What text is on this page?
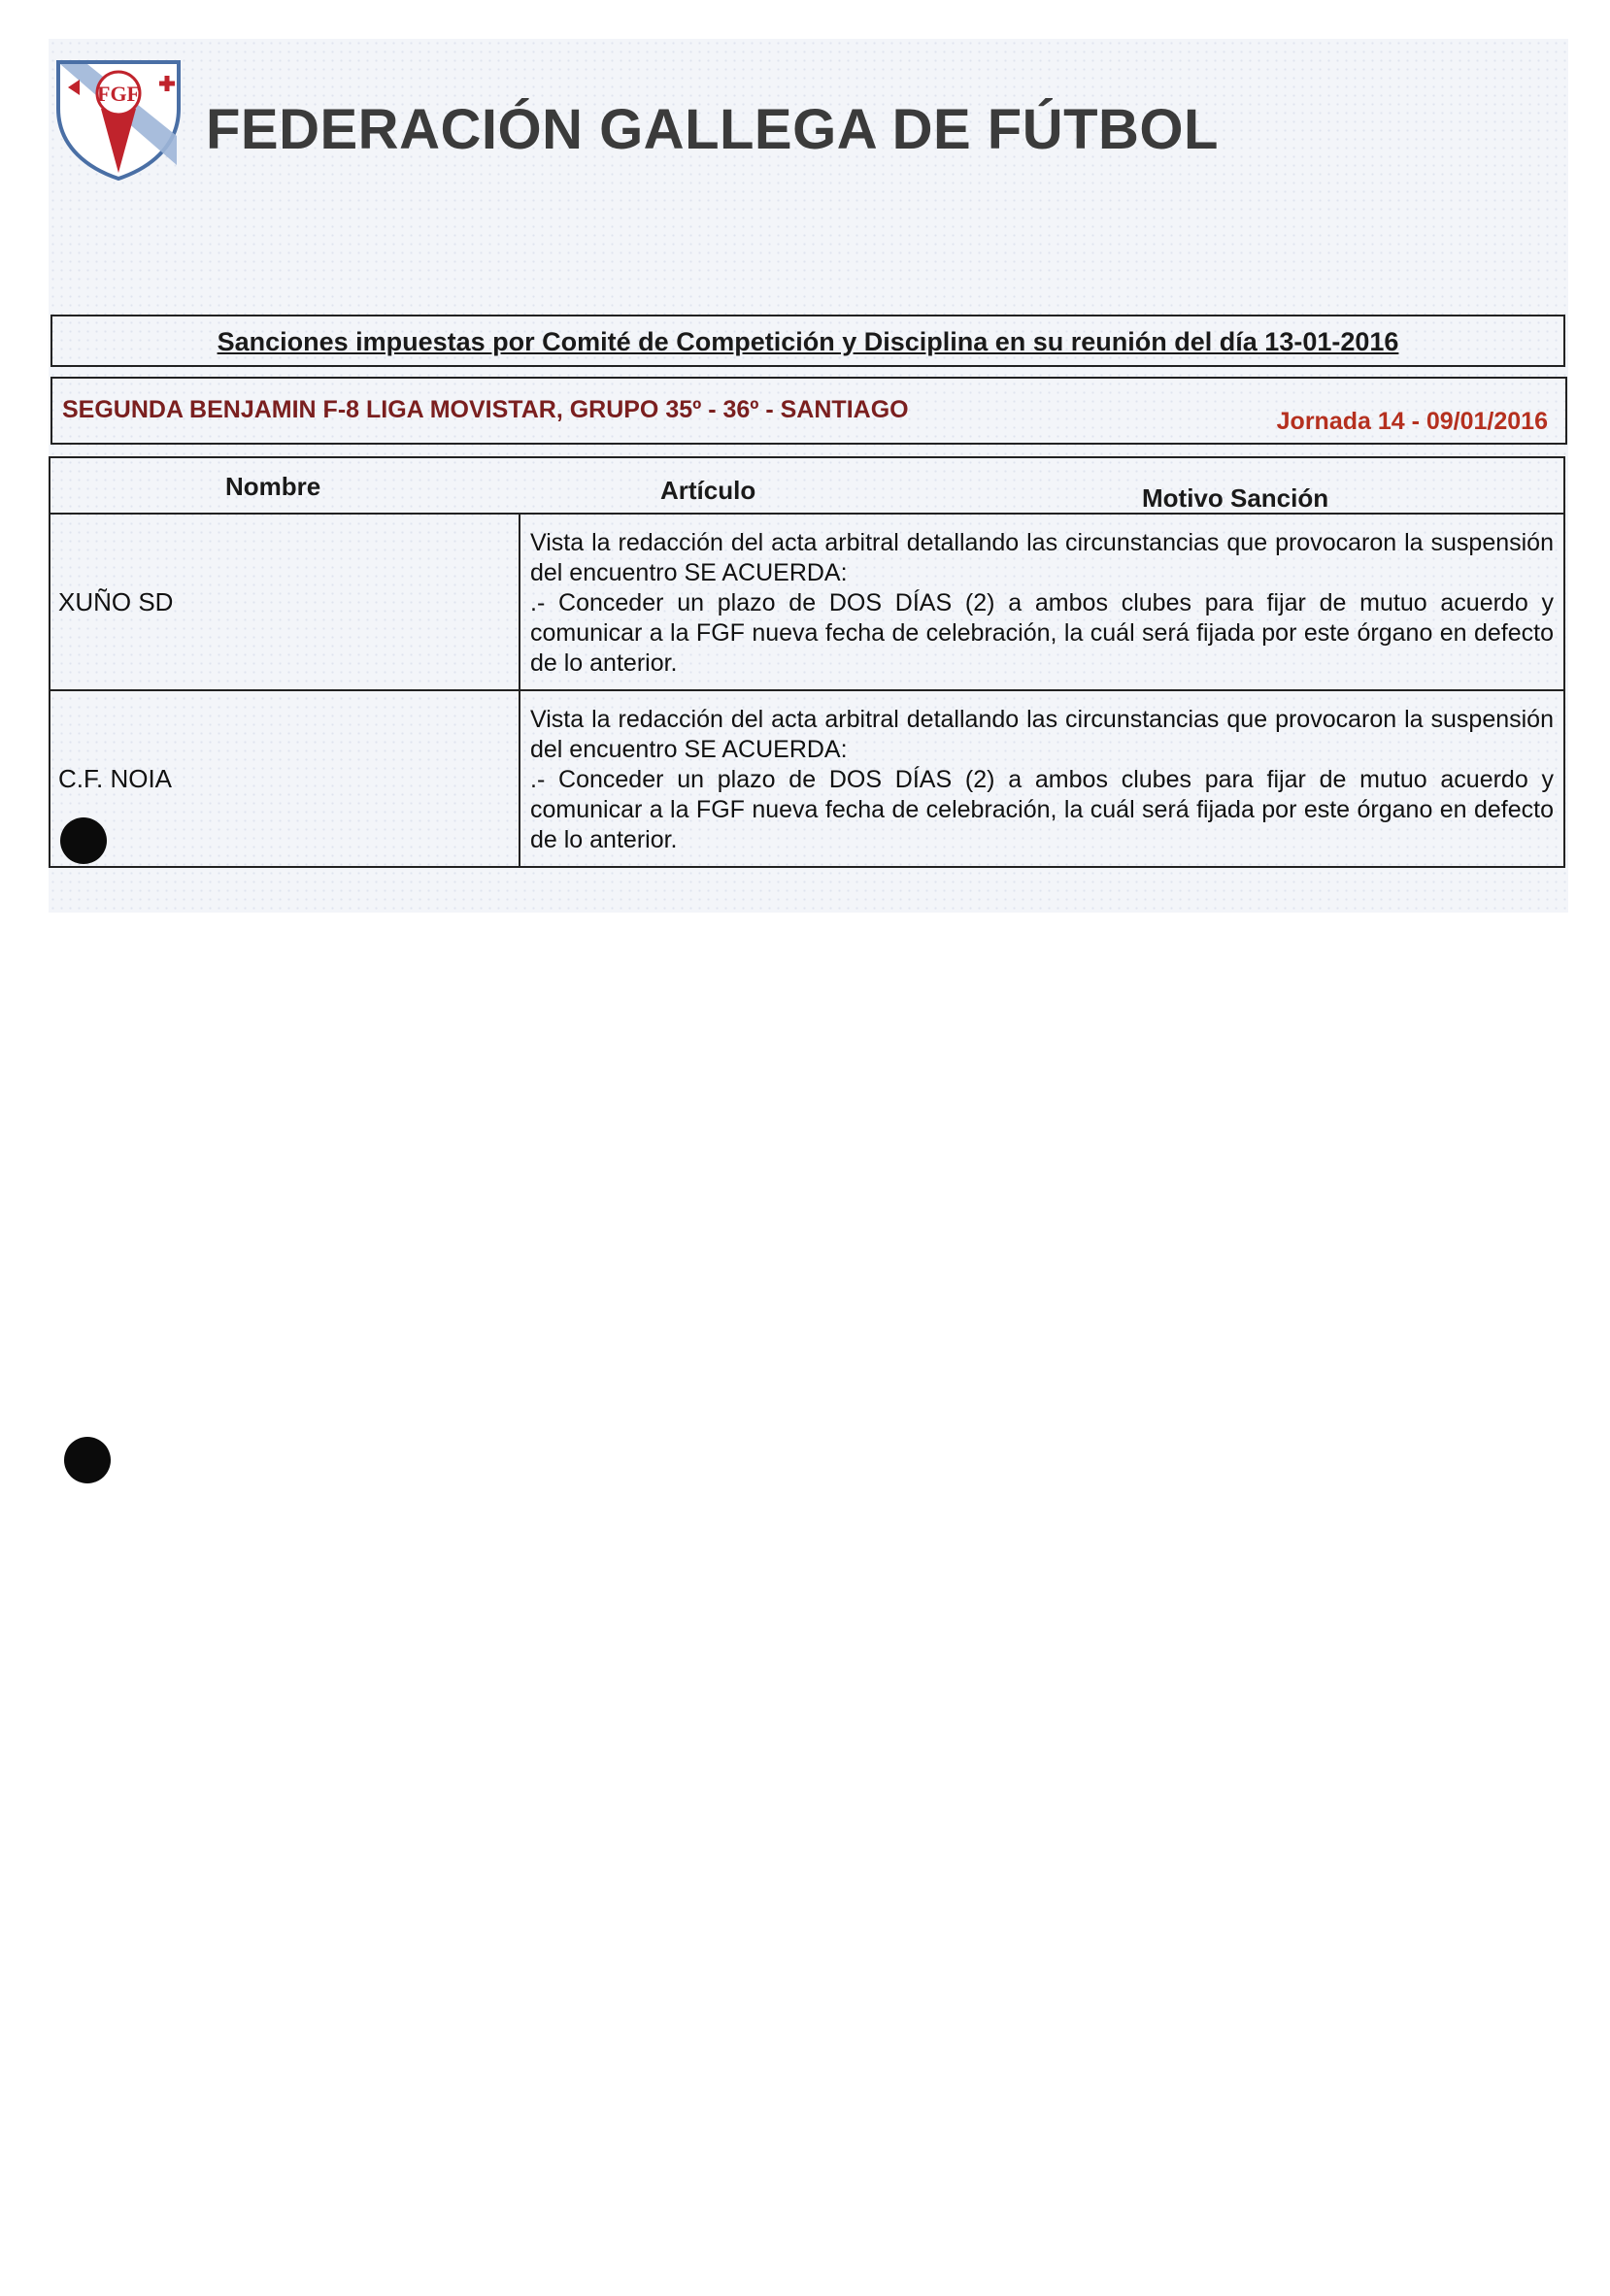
FGF
FEDERACIÓN GALLEGA DE FÚTBOL
Sanciones impuestas por Comité de Competición y Disciplina en su reunión del día 13-01-2016
SEGUNDA BENJAMIN F-8 LIGA MOVISTAR, GRUPO 35º - 36º - SANTIAGO	Jornada 14 - 09/01/2016
Nombre Artículo Motivo Sanción	

XUÑO SD	Vista la redacción del acta arbitral detallando las circunstancias que provocaron la suspensión del encuentro SE ACUERDA:
.- Conceder un plazo de DOS DÍAS (2) a ambos clubes para fijar de mutuo acuerdo y comunicar a la FGF nueva fecha de celebración, la cuál será fijada por este órgano en defecto de lo anterior.

C.F. NOIA	Vista la redacción del acta arbitral detallando las circunstancias que provocaron la suspensión del encuentro SE ACUERDA:
.- Conceder un plazo de DOS DÍAS (2) a ambos clubes para fijar de mutuo acuerdo y comunicar a la FGF nueva fecha de celebración, la cuál será fijada por este órgano en defecto de lo anterior.
